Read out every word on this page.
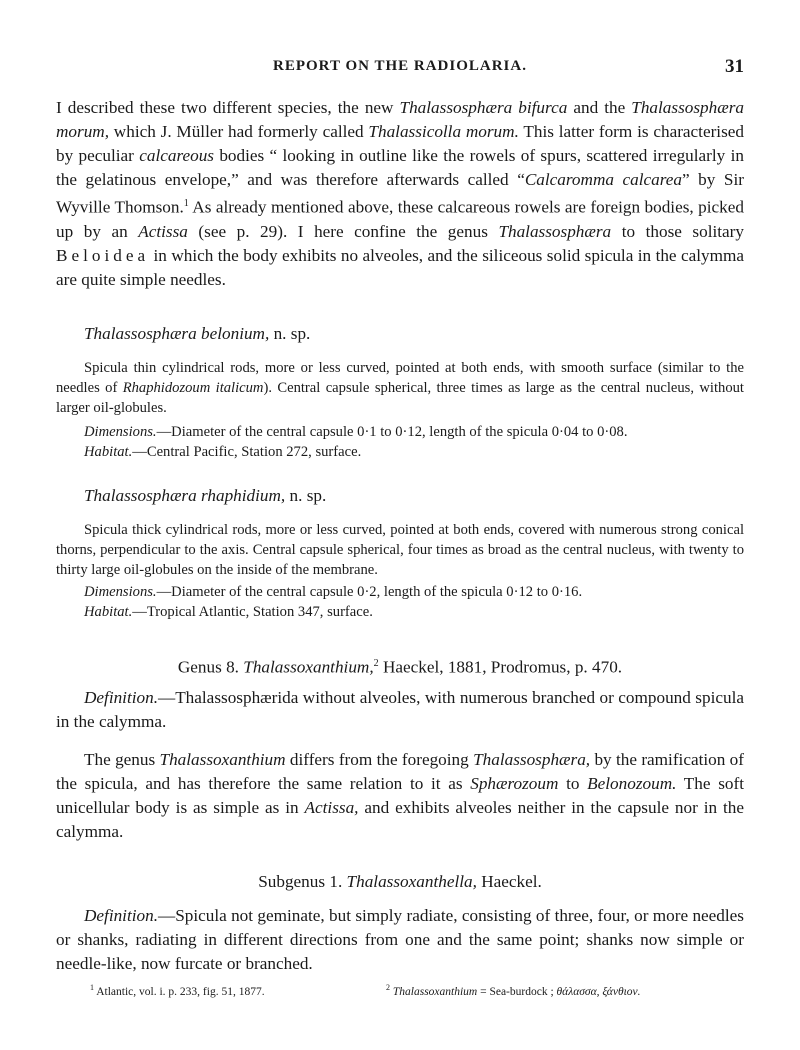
REPORT ON THE RADIOLARIA.	31

I described these two different species, the new Thalassosphæra bifurca and the Thalassosphæra morum, which J. Müller had formerly called Thalassicolla morum. This latter form is characterised by peculiar calcareous bodies “ looking in outline like the rowels of spurs, scattered irregularly in the gelatinous envelope,” and was therefore afterwards called “Calcaromma calcarea” by Sir Wyville Thomson.$^1$ As already mentioned above, these calcareous rowels are foreign bodies, picked up by an Actissa (see p. 29). I here confine the genus Thalassosphæra to those solitary Beloidea in which the body exhibits no alveoles, and the siliceous solid spicula in the calymma are quite simple needles.

Thalassosphæra belonium, n. sp.

Spicula thin cylindrical rods, more or less curved, pointed at both ends, with smooth surface (similar to the needles of Rhaphidozoum italicum). Central capsule spherical, three times as large as the central nucleus, without larger oil-globules.

Dimensions.—Diameter of the central capsule 0·1 to 0·12, length of the spicula 0·04 to 0·08.

Habitat.—Central Pacific, Station 272, surface.

Thalassosphæra rhaphidium, n. sp.

Spicula thick cylindrical rods, more or less curved, pointed at both ends, covered with numerous strong conical thorns, perpendicular to the axis. Central capsule spherical, four times as broad as the central nucleus, with twenty to thirty large oil-globules on the inside of the membrane.

Dimensions.—Diameter of the central capsule 0·2, length of the spicula 0·12 to 0·16.

Habitat.—Tropical Atlantic, Station 347, surface.

Genus 8. Thalassoxanthium,$^2$ Haeckel, 1881, Prodromus, p. 470.

Definition.—Thalassosphærida without alveoles, with numerous branched or compound spicula in the calymma.

The genus Thalassoxanthium differs from the foregoing Thalassosphæra, by the ramification of the spicula, and has therefore the same relation to it as Sphærozoum to Belonozoum. The soft unicellular body is as simple as in Actissa, and exhibits alveoles neither in the capsule nor in the calymma.

Subgenus 1. Thalassoxanthella, Haeckel.

Definition.—Spicula not geminate, but simply radiate, consisting of three, four, or more needles or shanks, radiating in different directions from one and the same point; shanks now simple or needle-like, now furcate or branched.

$^1$ Atlantic, vol. i. p. 233, fig. 51, 1877.	$^2$ Thalassoxanthium = Sea-burdock ; θάλασσα, ξάνθιον.
